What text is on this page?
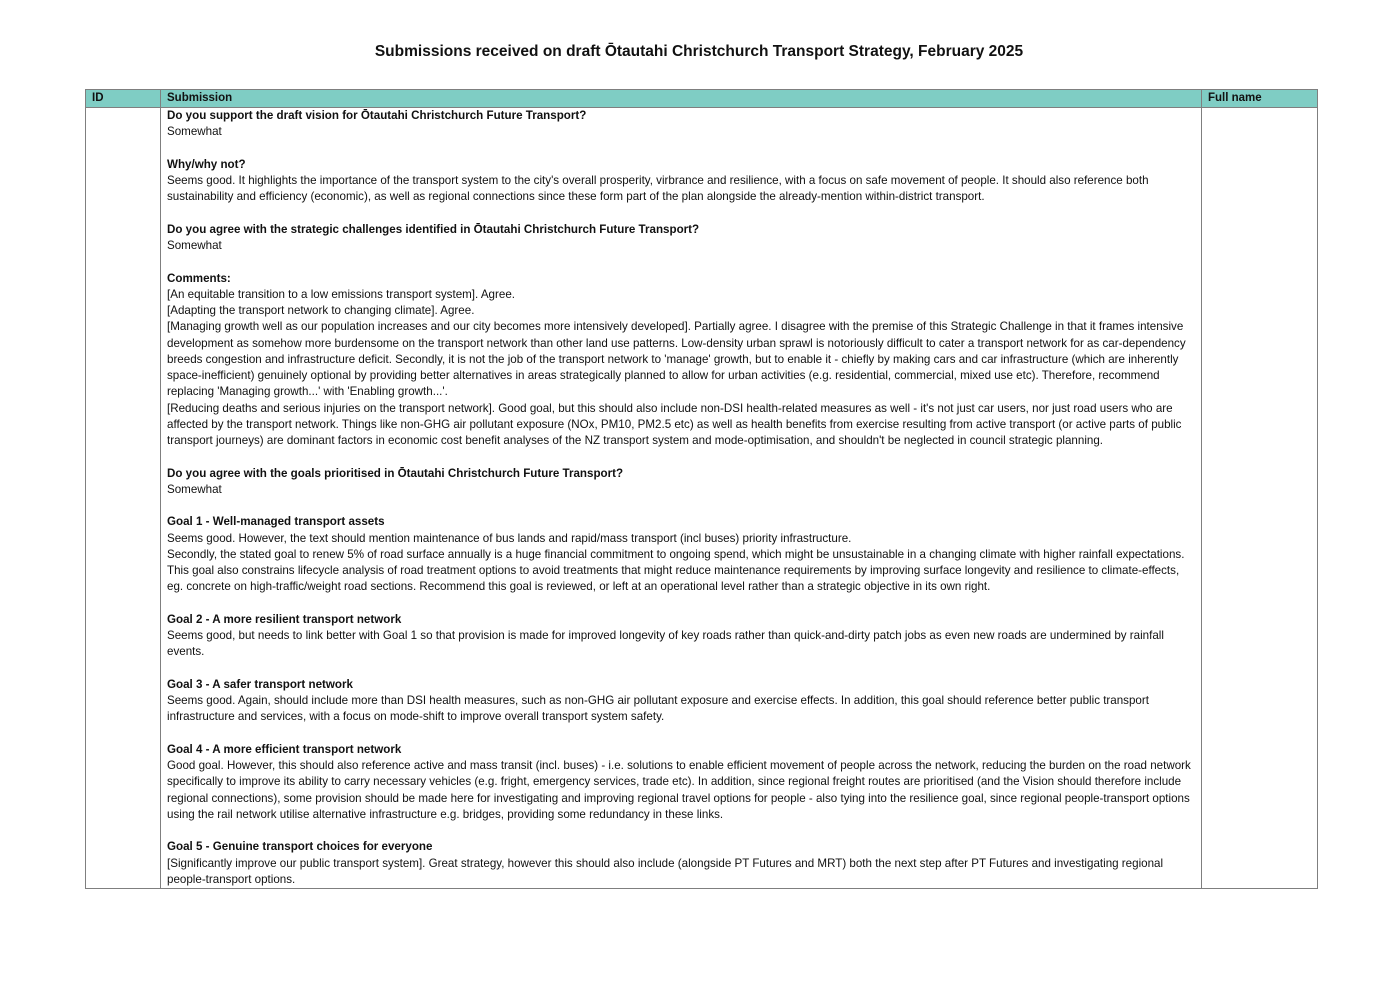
Submissions received on draft Ōtautahi Christchurch Transport Strategy, February 2025
ID	Submission	Full name
Do you support the draft vision for Ōtautahi Christchurch Future Transport?
Somewhat
Why/why not?
Seems good. It highlights the importance of the transport system to the city's overall prosperity, virbrance and resilience, with a focus on safe movement of people. It should also reference both sustainability and efficiency (economic), as well as regional connections since these form part of the plan alongside the already-mention within-district transport.
Do you agree with the strategic challenges identified in Ōtautahi Christchurch Future Transport?
Somewhat
Comments:
[An equitable transition to a low emissions transport system]. Agree.
[Adapting the transport network to changing climate]. Agree.
[Managing growth well as our population increases and our city becomes more intensively developed]. Partially agree. I disagree with the premise of this Strategic Challenge in that it frames intensive development as somehow more burdensome on the transport network than other land use patterns. Low-density urban sprawl is notoriously difficult to cater a transport network for as car-dependency breeds congestion and infrastructure deficit. Secondly, it is not the job of the transport network to 'manage' growth, but to enable it - chiefly by making cars and car infrastructure (which are inherently space-inefficient) genuinely optional by providing better alternatives in areas strategically planned to allow for urban activities (e.g. residential, commercial, mixed use etc). Therefore, recommend replacing 'Managing growth...' with 'Enabling growth...'.
[Reducing deaths and serious injuries on the transport network]. Good goal, but this should also include non-DSI health-related measures as well - it's not just car users, nor just road users who are affected by the transport network. Things like non-GHG air pollutant exposure (NOx, PM10, PM2.5 etc) as well as health benefits from exercise resulting from active transport (or active parts of public transport journeys) are dominant factors in economic cost benefit analyses of the NZ transport system and mode-optimisation, and shouldn't be neglected in council strategic planning.
Do you agree with the goals prioritised in Ōtautahi Christchurch Future Transport?
Somewhat
Goal 1 - Well-managed transport assets
Seems good. However, the text should mention maintenance of bus lands and rapid/mass transport (incl buses) priority infrastructure.
Secondly, the stated goal to renew 5% of road surface annually is a huge financial commitment to ongoing spend, which might be unsustainable in a changing climate with higher rainfall expectations. This goal also constrains lifecycle analysis of road treatment options to avoid treatments that might reduce maintenance requirements by improving surface longevity and resilience to climate-effects, eg. concrete on high-traffic/weight road sections. Recommend this goal is reviewed, or left at an operational level rather than a strategic objective in its own right.
Goal 2 - A more resilient transport network
Seems good, but needs to link better with Goal 1 so that provision is made for improved longevity of key roads rather than quick-and-dirty patch jobs as even new roads are undermined by rainfall events.
Goal 3 - A safer transport network
Seems good. Again, should include more than DSI health measures, such as non-GHG air pollutant exposure and exercise effects. In addition, this goal should reference better public transport infrastructure and services, with a focus on mode-shift to improve overall transport system safety.
Goal 4 - A more efficient transport network
Good goal. However, this should also reference active and mass transit (incl. buses) - i.e. solutions to enable efficient movement of people across the network, reducing the burden on the road network specifically to improve its ability to carry necessary vehicles (e.g. fright, emergency services, trade etc). In addition, since regional freight routes are prioritised (and the Vision should therefore include regional connections), some provision should be made here for investigating and improving regional travel options for people - also tying into the resilience goal, since regional people-transport options using the rail network utilise alternative infrastructure e.g. bridges, providing some redundancy in these links.
Goal 5 - Genuine transport choices for everyone
[Significantly improve our public transport system]. Great strategy, however this should also include (alongside PT Futures and MRT) both the next step after PT Futures and investigating regional people-transport options.
